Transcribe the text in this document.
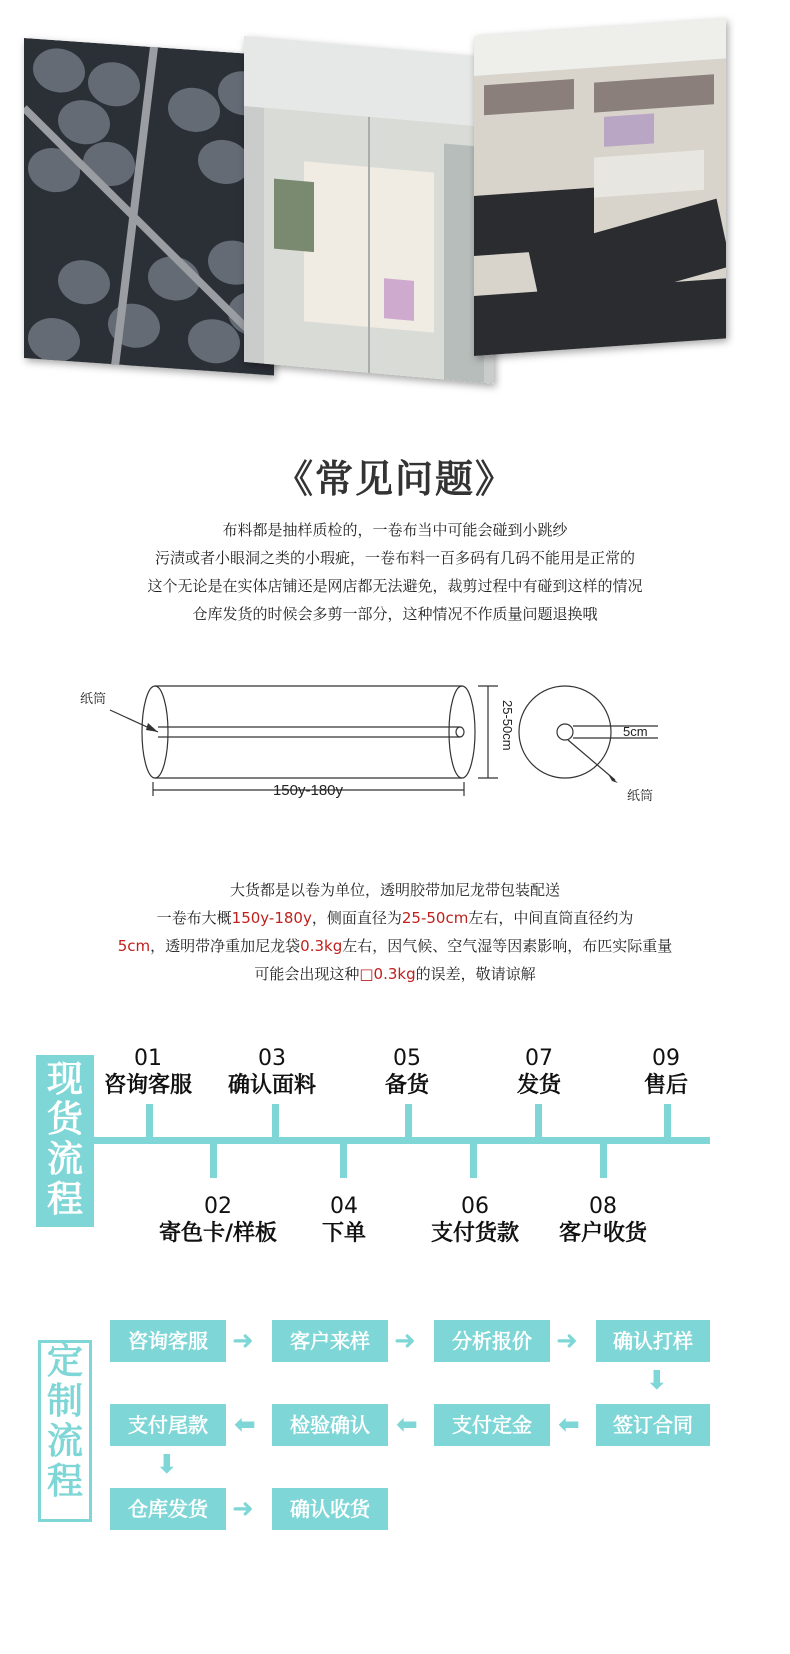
《常见问题》
布料都是抽样质检的，一卷布当中可能会碰到小跳纱
污渍或者小眼洞之类的小瑕疵，一卷布料一百多码有几码不能用是正常的
这个无论是在实体店铺还是网店都无法避免，裁剪过程中有碰到这样的情况
仓库发货的时候会多剪一部分，这种情况不作质量问题退换哦
纸筒
150y-180y
25-50cm	5cm
纸筒
大货都是以卷为单位，透明胶带加尼龙带包装配送
一卷布大概150y-180y，侧面直径为25-50cm左右，中间直筒直径约为
5cm，透明带净重加尼龙袋0.3kg左右，因气候、空气湿等因素影响，布匹实际重量
可能会出现这种□0.3kg的误差，敬请谅解
现货流程
01
咨询客服
03
确认面料
05
备货
07
发货
09
售后
02
寄色卡/样板
04
下单
06
支付货款
08
客户收货
定制流程
咨询客服 ➜	客户来样 ➜	分析报价 ➜	确认打样
⬇
签订合同
⬅
支付定金
⬅
检验确认
⬅
支付尾款
⬇
仓库发货 ➜	确认收货
